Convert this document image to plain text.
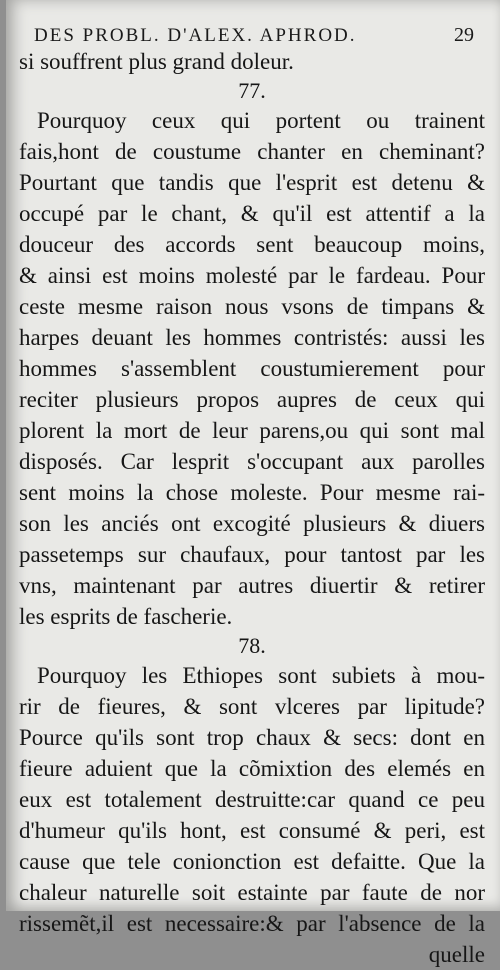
DES PROBL. D'ALEX. APHROD.	29
si souffrent plus grand doleur.
77.
Pourquoy ceux qui portent ou trainent
fais,hont de coustume chanter en cheminant?
Pourtant que tandis que l'esprit est detenu &
occupé par le chant, & qu'il est attentif a la
douceur des accords sent beaucoup moins,
& ainsi est moins molesté par le fardeau. Pour
ceste mesme raison nous vsons de timpans &
harpes deuant les hommes contristés: aussi les
hommes s'assemblent coustumierement pour
reciter plusieurs propos aupres de ceux qui
plorent la mort de leur parens,ou qui sont mal
disposés. Car lesprit s'occupant aux parolles
sent moins la chose moleste. Pour mesme rai-
son les anciés ont excogité plusieurs & diuers
passetemps sur chaufaux, pour tantost par les
vns, maintenant par autres diuertir & retirer
les esprits de fascherie.
78.
Pourquoy les Ethiopes sont subiets à mou-
rir de fieures, & sont vlceres par lipitude?
Pource qu'ils sont trop chaux & secs: dont en
fieure aduient que la cõmixtion des elemés en
eux est totalement destruitte:car quand ce peu
d'humeur qu'ils hont, est consumé & peri, est
cause que tele conionction est defaitte. Que la
chaleur naturelle soit estainte par faute de nor
rissemẽt,il est necessaire:& par l'absence de la
quelle
